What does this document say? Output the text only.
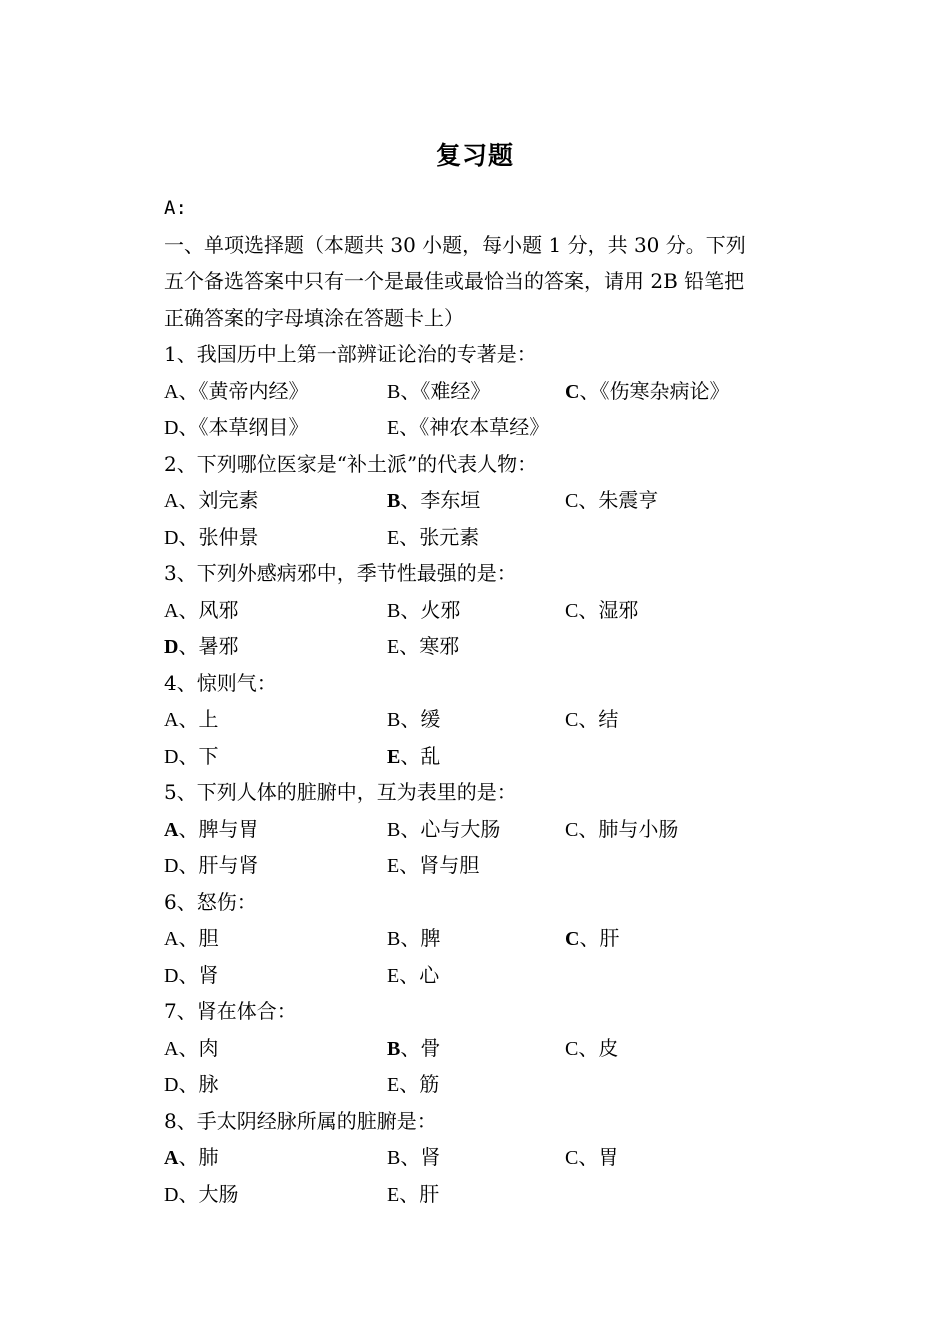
复习题
A:
一、单项选择题（本题共 30 小题，每小题 1 分，共 30 分。下列
五个备选答案中只有一个是最佳或最恰当的答案，请用 2B 铅笔把
正确答案的字母填涂在答题卡上）
1、我国历中上第一部辨证论治的专著是：
A、《黄帝内经》	B、《难经》	C、《伤寒杂病论》
D、《本草纲目》	E、《神农本草经》
2、下列哪位医家是“补土派”的代表人物：
A、刘完素	B、李东垣	C、朱震亨
D、张仲景	E、张元素
3、下列外感病邪中，季节性最强的是：
A、风邪	B、火邪	C、湿邪
D、暑邪	E、寒邪
4、惊则气：
A、上	B、缓	C、结
D、下	E、乱
5、下列人体的脏腑中，互为表里的是：
A、脾与胃	B、心与大肠	C、肺与小肠
D、肝与肾	E、肾与胆
6、怒伤：
A、胆	B、脾	C、肝
D、肾	E、心
7、肾在体合：
A、肉	B、骨	C、皮
D、脉	E、筋
8、手太阴经脉所属的脏腑是：
A、肺	B、肾	C、胃
D、大肠	E、肝
